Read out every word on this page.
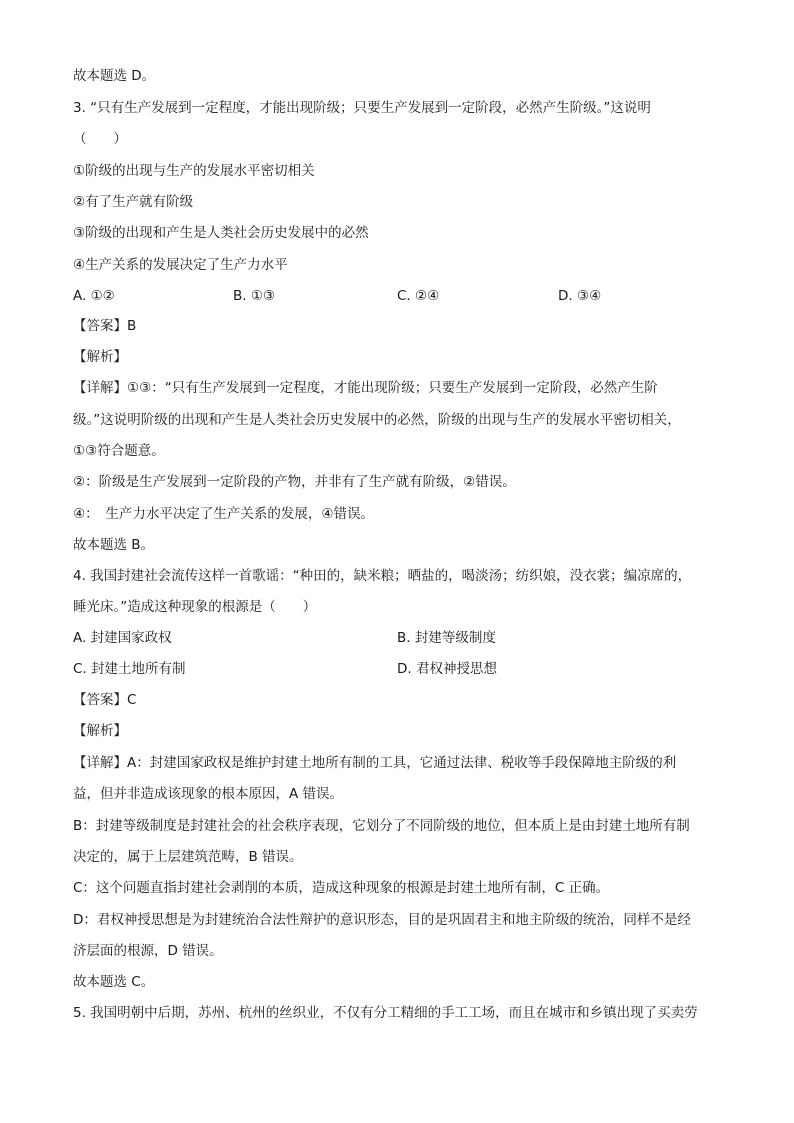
故本题选 D。
3. “只有生产发展到一定程度，才能出现阶级；只要生产发展到一定阶段，必然产生阶级。”这说明
（　　）
①阶级的出现与生产的发展水平密切相关
②有了生产就有阶级
③阶级的出现和产生是人类社会历史发展中的必然
④生产关系的发展决定了生产力水平
A. ①②	B. ①③	C. ②④	D. ③④
【答案】B
【解析】
【详解】①③：“只有生产发展到一定程度，才能出现阶级；只要生产发展到一定阶段，必然产生阶
级。”这说明阶级的出现和产生是人类社会历史发展中的必然，阶级的出现与生产的发展水平密切相关，
①③符合题意。
②：阶级是生产发展到一定阶段的产物，并非有了生产就有阶级，②错误。
④：　生产力水平决定了生产关系的发展，④错误。
故本题选 B。
4. 我国封建社会流传这样一首歌谣：“种田的，缺米粮；晒盐的，喝淡汤；纺织娘，没衣裳；编凉席的，
睡光床。”造成这种现象的根源是（　　）
A. 封建国家政权	B. 封建等级制度
C. 封建土地所有制	D. 君权神授思想
【答案】C
【解析】
【详解】A：封建国家政权是维护封建土地所有制的工具，它通过法律、税收等手段保障地主阶级的利
益，但并非造成该现象的根本原因，A 错误。
B：封建等级制度是封建社会的社会秩序表现，它划分了不同阶级的地位，但本质上是由封建土地所有制
决定的，属于上层建筑范畴，B 错误。
C：这个问题直指封建社会剥削的本质，造成这种现象的根源是封建土地所有制，C 正确。
D：君权神授思想是为封建统治合法性辩护的意识形态，目的是巩固君主和地主阶级的统治，同样不是经
济层面的根源，D 错误。
故本题选 C。
5. 我国明朝中后期，苏州、杭州的丝织业，不仅有分工精细的手工工场，而且在城市和乡镇出现了买卖劳
